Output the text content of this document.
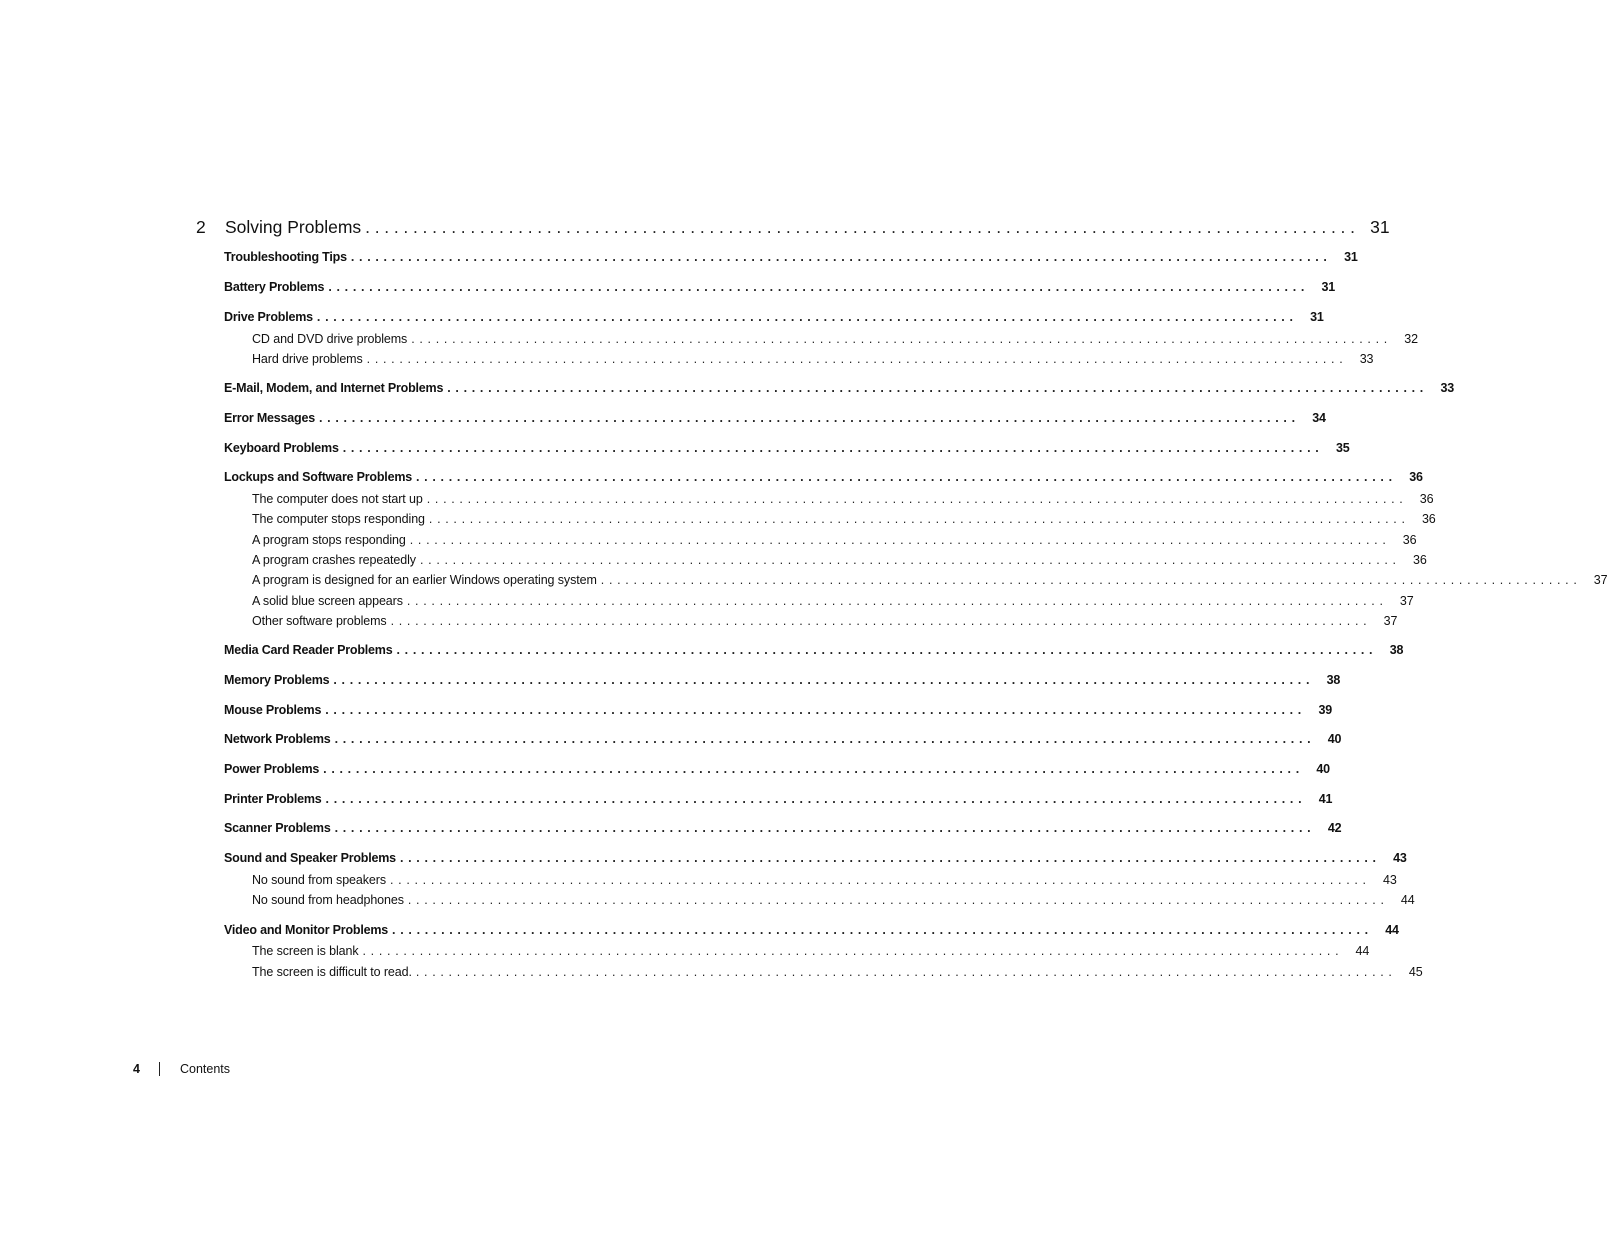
2	Solving Problems ........................................................................................................ 31
Troubleshooting Tips ........................................................................................................................ 31
Battery Problems ........................................................................................................................ 31
Drive Problems ........................................................................................................................ 31
CD and DVD drive problems ........................................................................................................................ 32
Hard drive problems ........................................................................................................................ 33
E-Mail, Modem, and Internet Problems ........................................................................................................................ 33
Error Messages ........................................................................................................................ 34
Keyboard Problems ........................................................................................................................ 35
Lockups and Software Problems ........................................................................................................................ 36
The computer does not start up ........................................................................................................................ 36
The computer stops responding ........................................................................................................................ 36
A program stops responding ........................................................................................................................ 36
A program crashes repeatedly ........................................................................................................................ 36
A program is designed for an earlier Windows operating system ........................................................................................................................ 37
A solid blue screen appears ........................................................................................................................ 37
Other software problems ........................................................................................................................ 37
Media Card Reader Problems ........................................................................................................................ 38
Memory Problems ........................................................................................................................ 38
Mouse Problems ........................................................................................................................ 39
Network Problems ........................................................................................................................ 40
Power Problems ........................................................................................................................ 40
Printer Problems ........................................................................................................................ 41
Scanner Problems ........................................................................................................................ 42
Sound and Speaker Problems ........................................................................................................................ 43
No sound from speakers ........................................................................................................................ 43
No sound from headphones ........................................................................................................................ 44
Video and Monitor Problems ........................................................................................................................ 44
The screen is blank ........................................................................................................................ 44
The screen is difficult to read. ........................................................................................................................ 45
4	Contents
